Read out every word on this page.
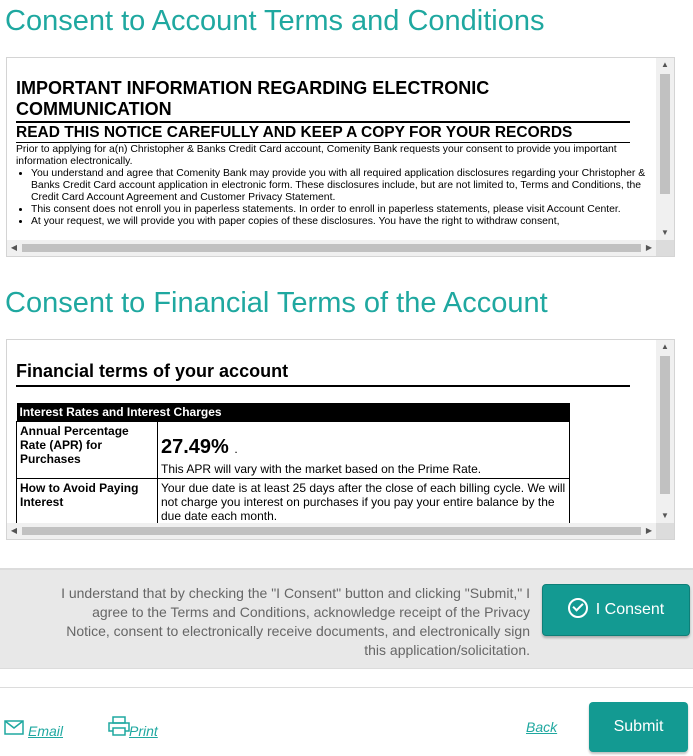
Consent to Account Terms and Conditions
IMPORTANT INFORMATION REGARDING ELECTRONIC COMMUNICATION
READ THIS NOTICE CAREFULLY AND KEEP A COPY FOR YOUR RECORDS

Prior to applying for a(n) Christopher & Banks Credit Card account, Comenity Bank requests your consent to provide you important information electronically.

• You understand and agree that Comenity Bank may provide you with all required application disclosures regarding your Christopher & Banks Credit Card account application in electronic form. These disclosures include, but are not limited to, Terms and Conditions, the Credit Card Account Agreement and Customer Privacy Statement.
• This consent does not enroll you in paperless statements. In order to enroll in paperless statements, please visit Account Center.
• At your request, we will provide you with paper copies of these disclosures. You have the right to withdraw consent,
▲
▼
◀	▶
Consent to Financial Terms of the Account
Financial terms of your account
Interest Rates and Interest Charges	
Annual Percentage Rate (APR) for Purchases	27.49% .
This APR will vary with the market based on the Prime Rate.
How to Avoid Paying Interest	Your due date is at least 25 days after the close of each billing cycle. We will not charge you interest on purchases if you pay your entire balance by the due date each month.
▲
▼
◀	▶
I understand that by checking the "I Consent" button and clicking "Submit," I agree to the Terms and Conditions, acknowledge receipt of the Privacy Notice, consent to electronically receive documents, and electronically sign this application/solicitation.
I Consent
Email	Print	Back	Submit
